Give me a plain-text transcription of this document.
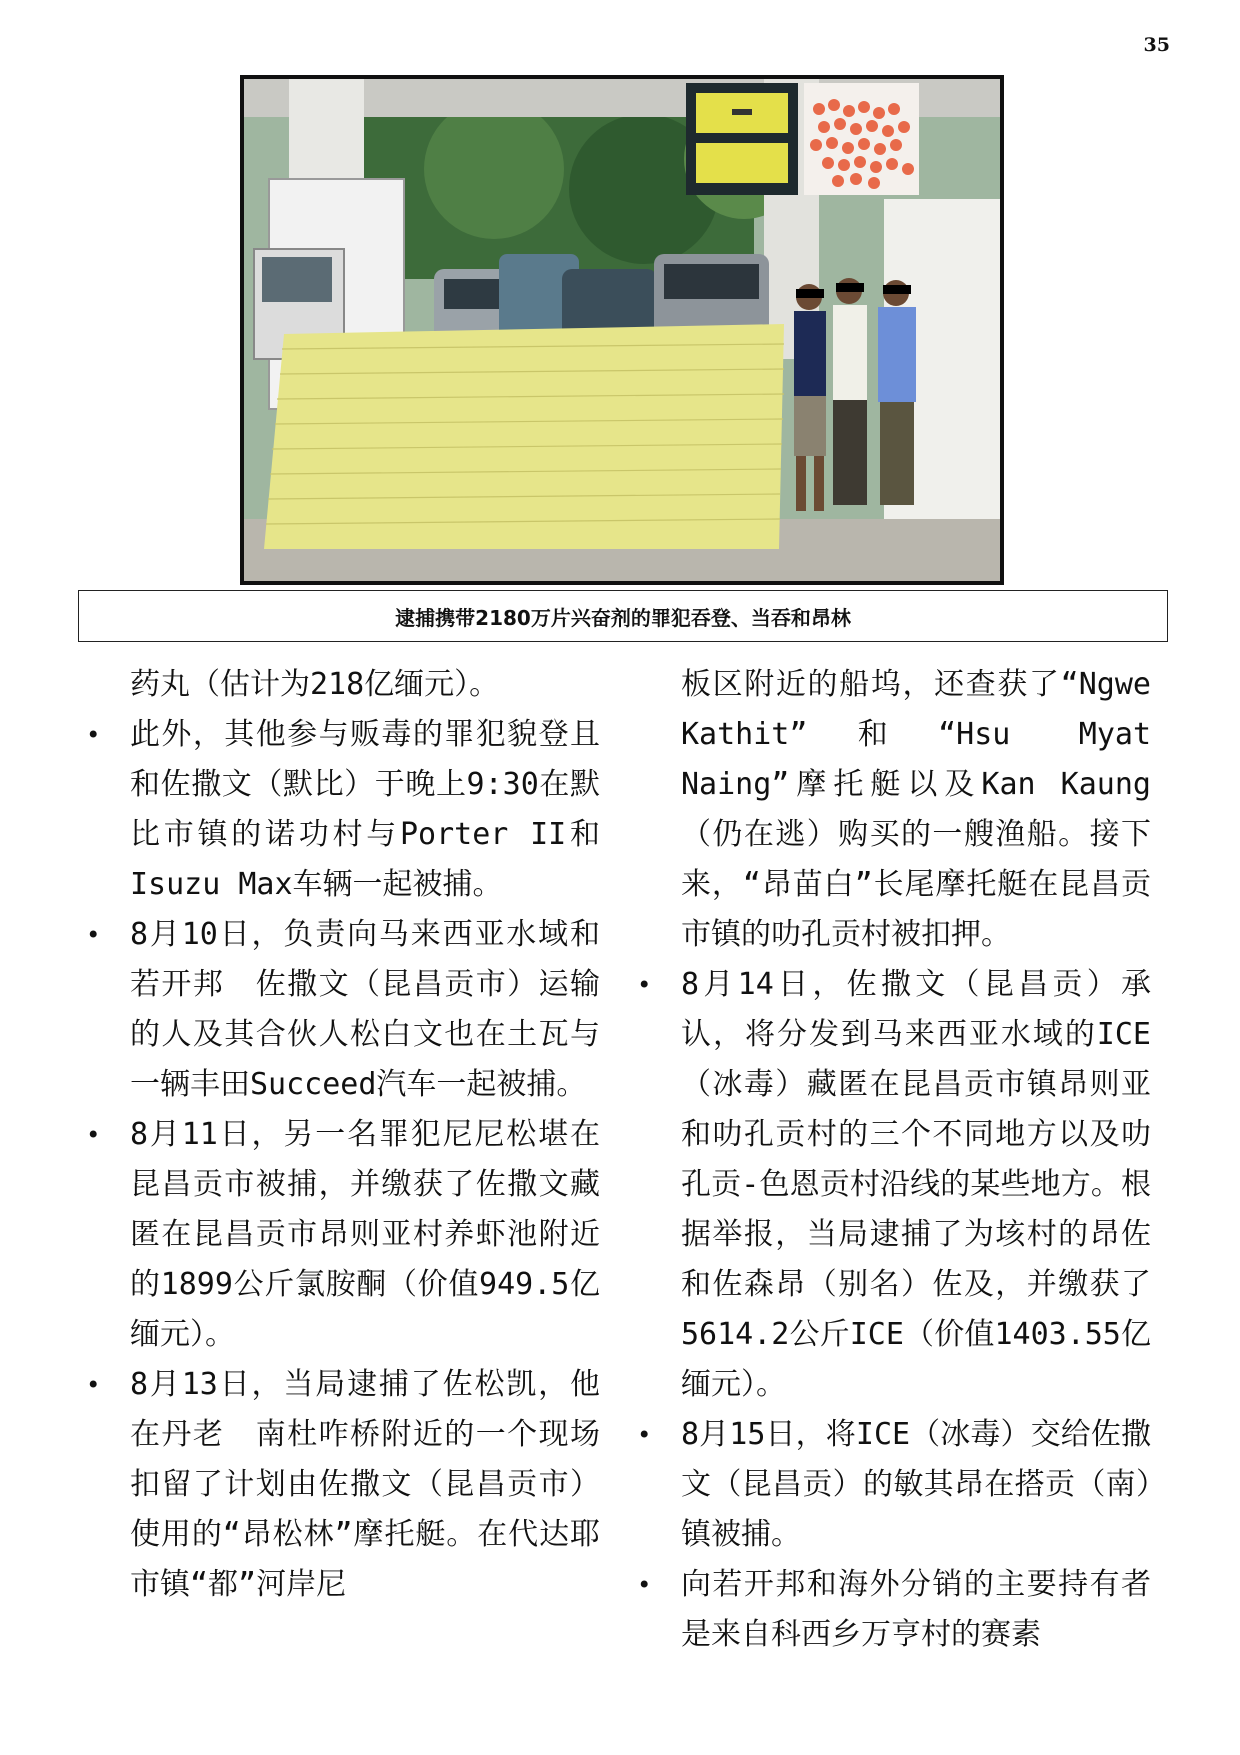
35
逮捕携带2180万片兴奋剂的罪犯吞登、当吞和昂林

药丸（估计为218亿缅元）。

• 此外，其他参与贩毒的罪犯貌登且和佐撒文（默比）于晚上9:30在默比市镇的诺功村与Porter II和Isuzu Max车辆一起被捕。
• 8月10日，负责向马来西亚水域和若开邦　佐撒文（昆昌贡市）运输的人及其合伙人松白文也在土瓦与一辆丰田Succeed汽车一起被捕。
• 8月11日，另一名罪犯尼尼松堪在昆昌贡市被捕，并缴获了佐撒文藏匿在昆昌贡市昂则亚村养虾池附近的1899公斤氯胺酮（价值949.5亿缅元）。
• 8月13日，当局逮捕了佐松凯，他在丹老　南杜咋桥附近的一个现场扣留了计划由佐撒文（昆昌贡市）使用的“昂松林”摩托艇。在代达耶市镇“都”河岸尼

板区附近的船坞，还查获了“Ngwe Kathit”和“Hsu Myat Naing”摩托艇以及Kan Kaung（仍在逃）购买的一艘渔船。接下来，“昂苗白”长尾摩托艇在昆昌贡市镇的叻孔贡村被扣押。

• 8月14日，佐撒文（昆昌贡）承认，将分发到马来西亚水域的ICE（冰毒）藏匿在昆昌贡市镇昂则亚和叻孔贡村的三个不同地方以及叻孔贡-色恩贡村沿线的某些地方。根据举报，当局逮捕了为垓村的昂佐和佐森昂（别名）佐及，并缴获了5614.2公斤ICE（价值1403.55亿缅元）。
• 8月15日，将ICE（冰毒）交给佐撒文（昆昌贡）的敏其昂在搭贡（南）镇被捕。
• 向若开邦和海外分销的主要持有者是来自科西乡万亨村的赛素
